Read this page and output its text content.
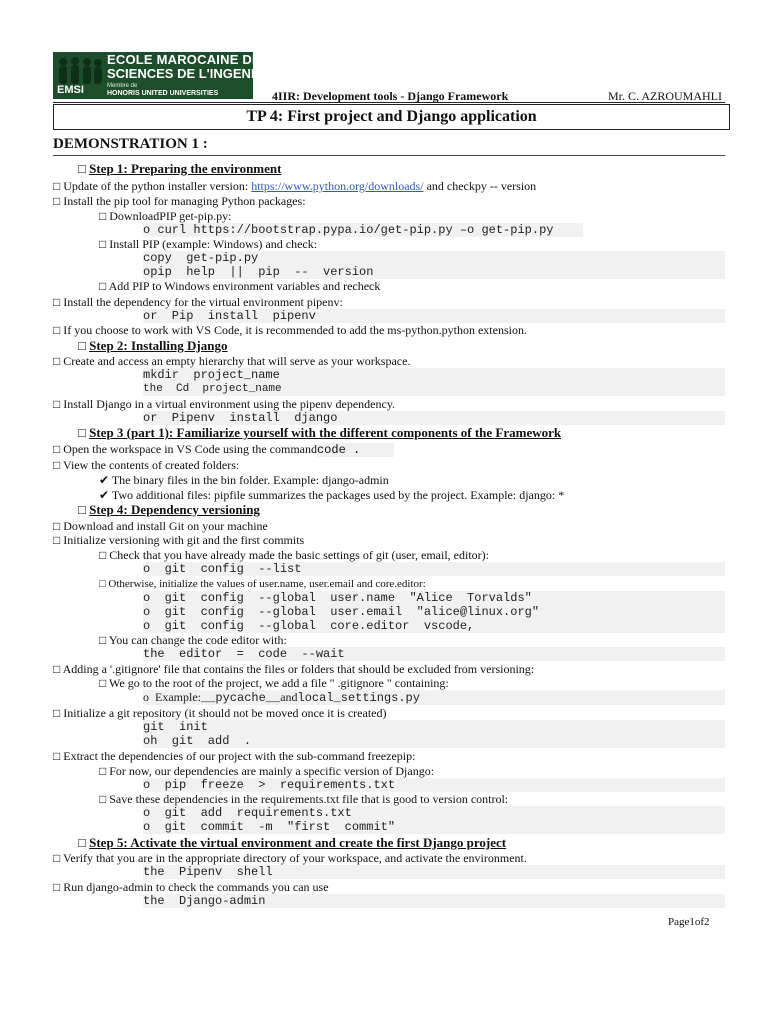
EMSI
ECOLE MAROCAINE DES
SCIENCES DE L'INGENIEUR
Membre de
HONORIS UNITED UNIVERSITIES	4IIR: Development tools - Django Framework	Mr. C. AZROUMAHLI
TP 4: First project and Django application
DEMONSTRATION 1 :
□ Step 1: Preparing the environment
□ Update of the python installer version: https://www.python.org/downloads/ and checkpy -- version
□ Install the pip tool for managing Python packages:
□ DownloadPIP get-pip.py:
o curl https://bootstrap.pypa.io/get-pip.py –o get-pip.py
□ Install PIP (example: Windows) and check:
copy  get-pip.py
opip  help  ||  pip  --  version
□ Add PIP to Windows environment variables and recheck
□ Install the dependency for the virtual environment pipenv:
or  Pip  install  pipenv
□ If you choose to work with VS Code, it is recommended to add the ms-python.python extension.
□ Step 2: Installing Django
□ Create and access an empty hierarchy that will serve as your workspace.
mkdir  project_name
the  Cd  project_name
□ Install Django in a virtual environment using the pipenv dependency.
or  Pipenv  install  django
□ Step 3 (part 1): Familiarize yourself with the different components of the Framework
□ Open the workspace in VS Code using the commandcode .
□ View the contents of created folders:
✔ The binary files in the bin folder. Example: django-admin
✔ Two additional files: pipfile summarizes the packages used by the project. Example: django: *
□ Step 4: Dependency versioning
□ Download and install Git on your machine
□ Initialize versioning with git and the first commits
□ Check that you have already made the basic settings of git (user, email, editor):
o  git  config  --list
□ Otherwise, initialize the values of user.name, user.email and core.editor:
o  git  config  --global  user.name  "Alice  Torvalds"
o  git  config  --global  user.email  "alice@linux.org"
o  git  config  --global  core.editor  vscode,
□ You can change the code editor with:
the  editor  =  code  --wait
□ Adding a '.gitignore' file that contains the files or folders that should be excluded from versioning:
□ We go to the root of the project, we add a file " .gitignore " containing:
o  Example:__pycache__andlocal_settings.py
□ Initialize a git repository (it should not be moved once it is created)
git  init
oh  git  add  .
□ Extract the dependencies of our project with the sub-command freezepip:
□ For now, our dependencies are mainly a specific version of Django:
o  pip  freeze  >  requirements.txt
□ Save these dependencies in the requirements.txt file that is good to version control:
o  git  add  requirements.txt
o  git  commit  -m  "first  commit"
□ Step 5: Activate the virtual environment and create the first Django project
□ Verify that you are in the appropriate directory of your workspace, and activate the environment.
the  Pipenv  shell
□ Run django-admin to check the commands you can use
the  Django-admin
Page1of2
